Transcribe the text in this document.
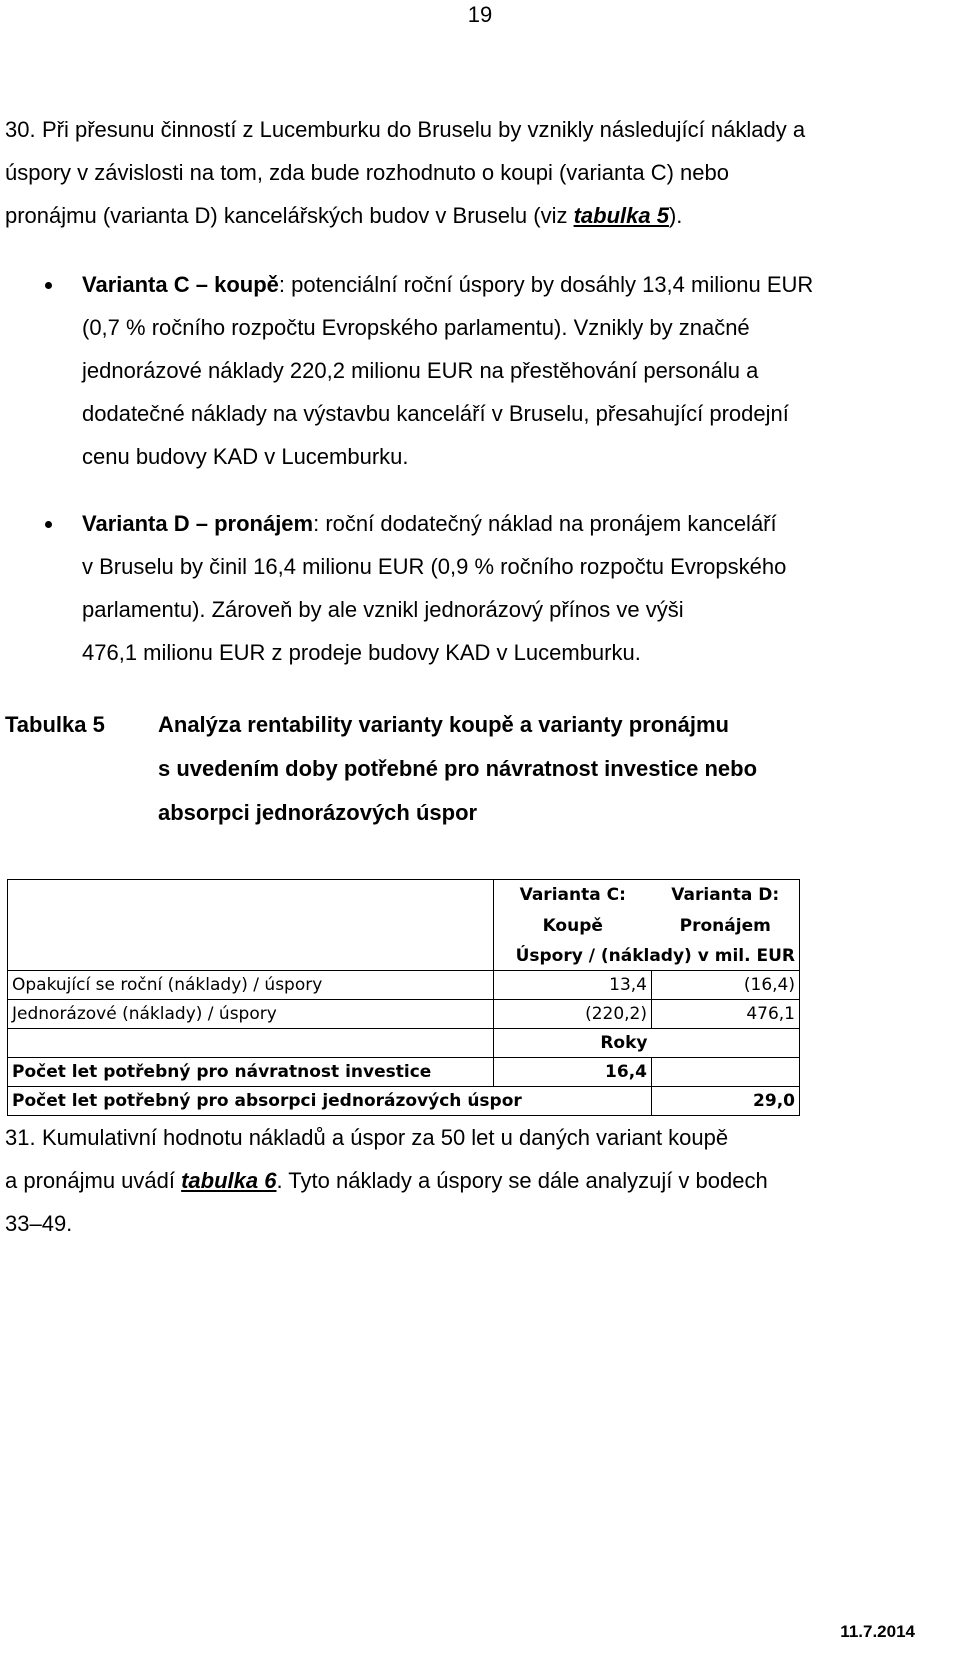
19
30. Při přesunu činností z Lucemburku do Bruselu by vznikly následující náklady a
úspory v závislosti na tom, zda bude rozhodnuto o koupi (varianta C) nebo
pronájmu (varianta D) kancelářských budov v Bruselu (viz tabulka 5).
Varianta C – koupě: potenciální roční úspory by dosáhly 13,4 milionu EUR
(0,7 % ročního rozpočtu Evropského parlamentu). Vznikly by značné
jednorázové náklady 220,2 milionu EUR na přestěhování personálu a
dodatečné náklady na výstavbu kanceláří v Bruselu, přesahující prodejní
cenu budovy KAD v Lucemburku.
Varianta D – pronájem: roční dodatečný náklad na pronájem kanceláří
v Bruselu by činil 16,4 milionu EUR (0,9 % ročního rozpočtu Evropského
parlamentu). Zároveň by ale vznikl jednorázový přínos ve výši
476,1 milionu EUR z prodeje budovy KAD v Lucemburku.
Tabulka 5 Analýza rentability varianty koupě a varianty pronájmu
s uvedením doby potřebné pro návratnost investice nebo
absorpci jednorázových úspor
	Varianta C:	Varianta D:
	Koupě	Pronájem
	Úspory / (náklady) v mil. EUR	
Opakující se roční (náklady) / úspory	13,4	(16,4)
Jednorázové (náklady) / úspory	(220,2)	476,1
	Roky	
Počet let potřebný pro návratnost investice	16,4	
Počet let potřebný pro absorpci jednorázových úspor		29,0
31. Kumulativní hodnotu nákladů a úspor za 50 let u daných variant koupě
a pronájmu uvádí tabulka 6. Tyto náklady a úspory se dále analyzují v bodech
33–49.
11.7.2014
